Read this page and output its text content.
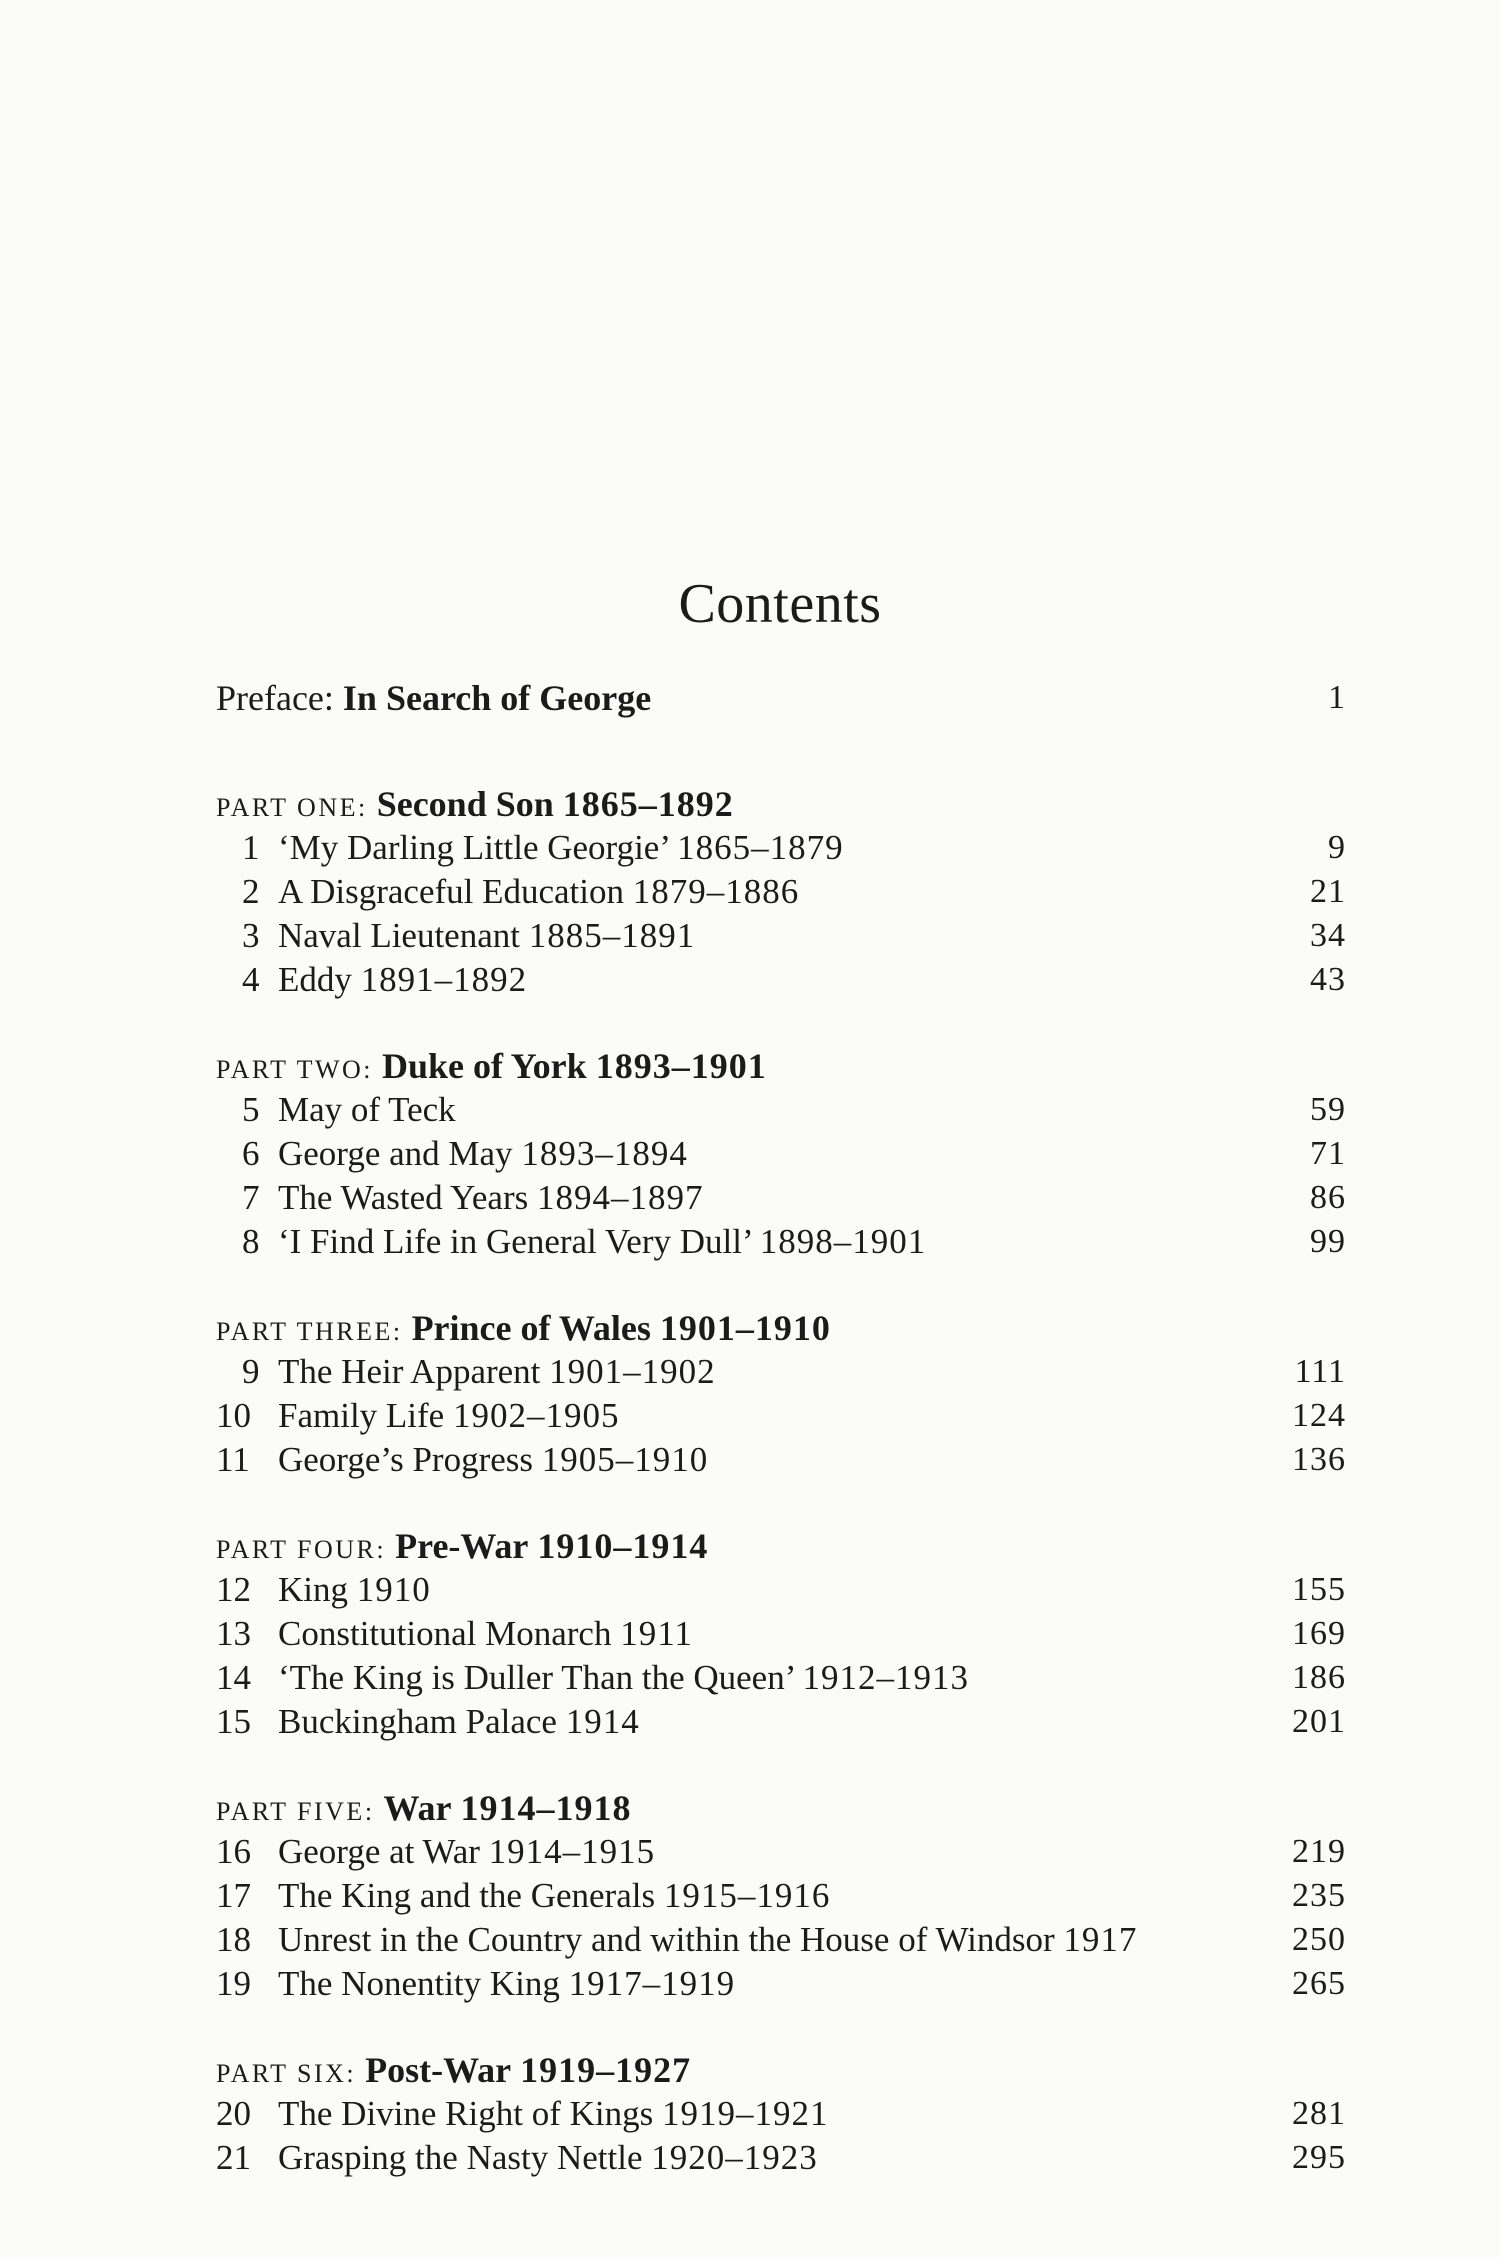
Contents
Preface: In Search of George	1
PART ONE: Second Son 1865–1892
1 ‘My Darling Little Georgie’ 1865–1879	9
2 A Disgraceful Education 1879–1886	21
3 Naval Lieutenant 1885–1891	34
4 Eddy 1891–1892	43
PART TWO: Duke of York 1893–1901
5 May of Teck	59
6 George and May 1893–1894	71
7 The Wasted Years 1894–1897	86
8 ‘I Find Life in General Very Dull’ 1898–1901	99
PART THREE: Prince of Wales 1901–1910
9 The Heir Apparent 1901–1902	111
10 Family Life 1902–1905	124
11 George’s Progress 1905–1910	136
PART FOUR: Pre-War 1910–1914
12 King 1910	155
13 Constitutional Monarch 1911	169
14 ‘The King is Duller Than the Queen’ 1912–1913	186
15 Buckingham Palace 1914	201
PART FIVE: War 1914–1918
16 George at War 1914–1915	219
17 The King and the Generals 1915–1916	235
18 Unrest in the Country and within the House of Windsor 1917	250
19 The Nonentity King 1917–1919	265
PART SIX: Post-War 1919–1927
20 The Divine Right of Kings 1919–1921	281
21 Grasping the Nasty Nettle 1920–1923	295
